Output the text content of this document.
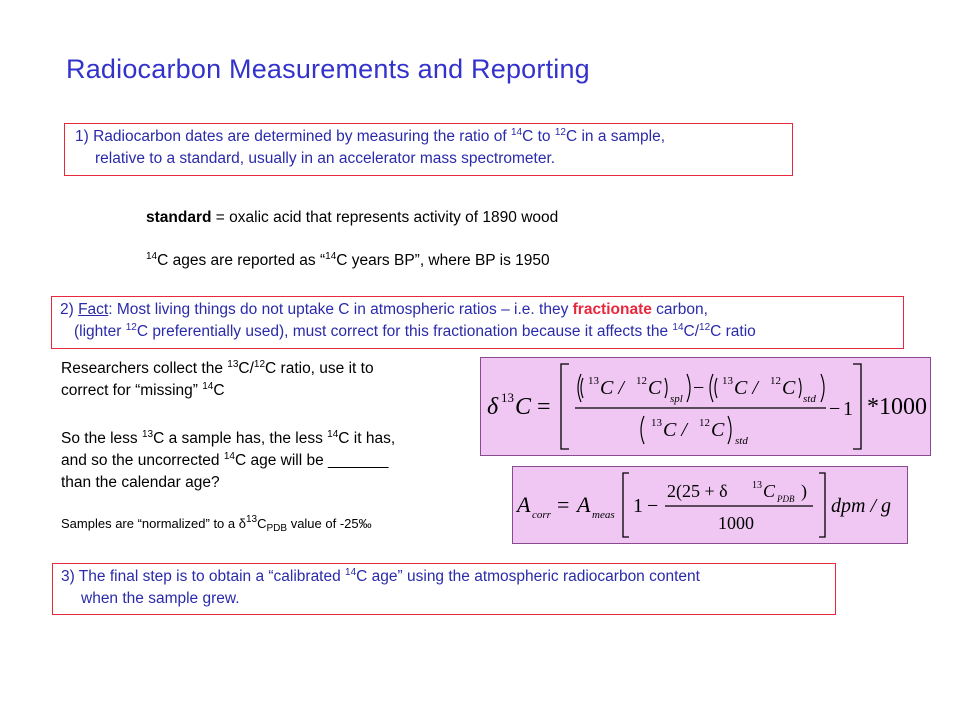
Radiocarbon Measurements and Reporting
1) Radiocarbon dates are determined by measuring the ratio of $^{14}$C to $^{12}$C in a sample,
relative to a standard, usually in an accelerator mass spectrometer.
standard = oxalic acid that represents activity of 1890 wood
$^{14}$C ages are reported as “$^{14}$C years BP”, where BP is 1950
2) Fact: Most living things do not uptake C in atmospheric ratios – i.e. they fractionate carbon,
(lighter $^{12}$C preferentially used), must correct for this fractionation because it affects the $^{14}$C/$^{12}$C ratio
Researchers collect the $^{13}$C/$^{12}$C ratio, use it to
correct for “missing” $^{14}$C
So the less $^{13}$C a sample has, the less $^{14}$C it has,
and so the uncorrected $^{14}$C age will be _______
than the calendar age?
Samples are “normalized” to a $\delta^{13}C_{PDB}$ value of -25‰
δ 13 C =
13 C / 12 C spl − 13 C / 12 C std
13 C / 12 C std
− 1 *1000
A corr = A meas 1 −
2(25 + δ 13 C PDB )
1000
dpm / g
3) The final step is to obtain a “calibrated $^{14}$C age” using the atmospheric radiocarbon content
when the sample grew.
